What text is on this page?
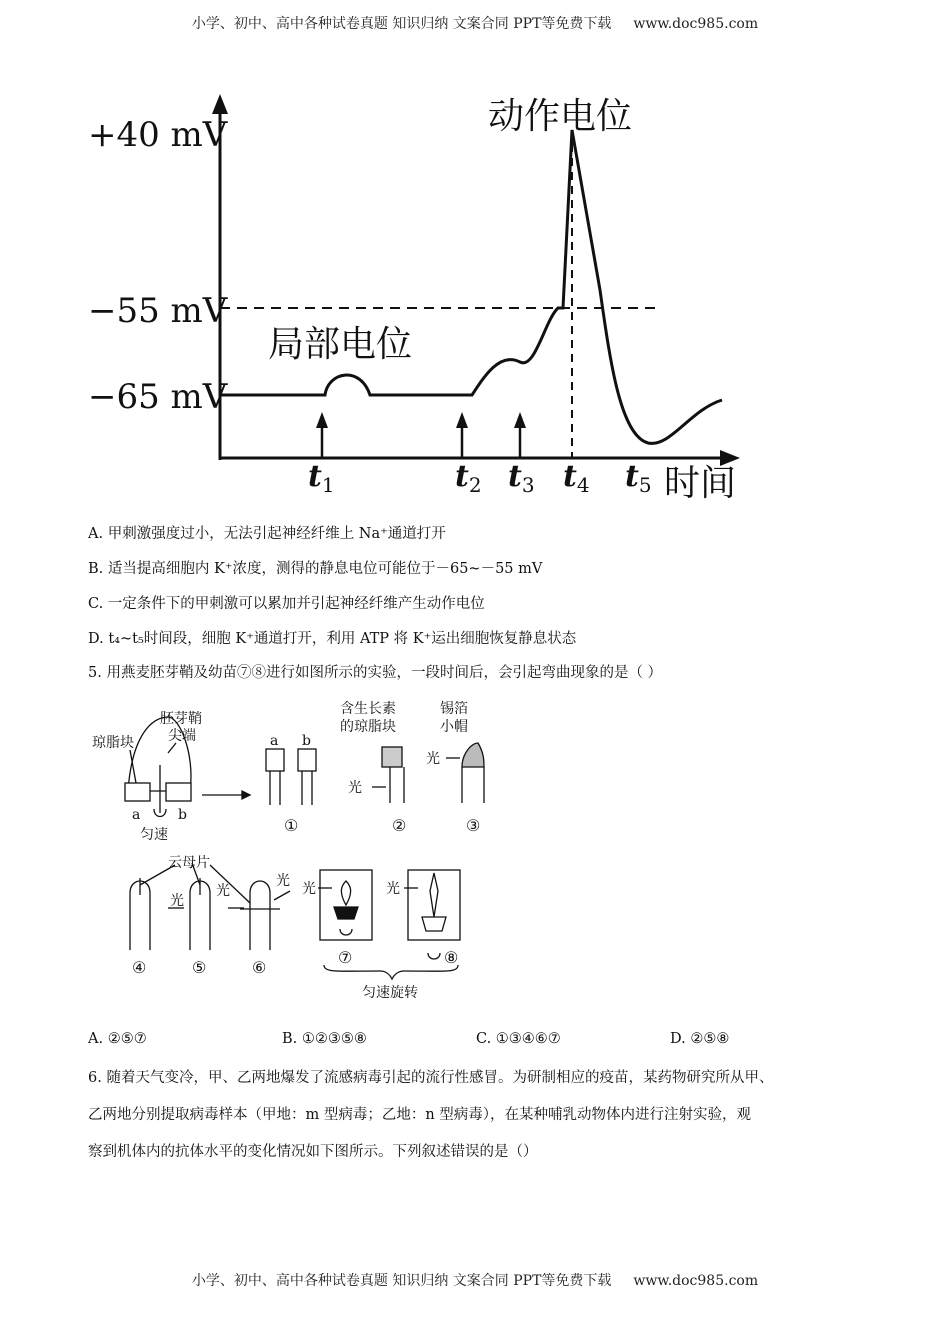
小学、初中、高中各种试卷真题 知识归纳 文案合同 PPT等免费下载 www.doc985.com
+40 mV
−55 mV
−65 mV
动作电位
局部电位
时间
$t_1$	$t_2$ $t_3$ $t_4$ $t_5$
A. 甲刺激强度过小，无法引起神经纤维上 Na⁺通道打开
B. 适当提高细胞内 K⁺浓度，测得的静息电位可能位于－65~－55 mV
C. 一定条件下的甲刺激可以累加并引起神经纤维产生动作电位
D. t₄~t₅时间段，细胞 K⁺通道打开，利用 ATP 将 K⁺运出细胞恢复静息状态
5. 用燕麦胚芽鞘及幼苗⑦⑧进行如图所示的实验，一段时间后，会引起弯曲现象的是（ ）
琼脂块
胚芽鞘
尖端
a	b
匀速
a b
含生长素
的琼脂块
锡箔
小帽
光
光
①	②	③
云母片
光
光
光 光	光
④	⑤	⑥
⑦	⑧
匀速旋转
A. ②⑤⑦	B. ①②③⑤⑧	C. ①③④⑥⑦	D. ②⑤⑧
6. 随着天气变冷，甲、乙两地爆发了流感病毒引起的流行性感冒。为研制相应的疫苗，某药物研究所从甲、
乙两地分别提取病毒样本（甲地：m 型病毒；乙地：n 型病毒），在某种哺乳动物体内进行注射实验，观
察到机体内的抗体水平的变化情况如下图所示。下列叙述错误的是（）
小学、初中、高中各种试卷真题 知识归纳 文案合同 PPT等免费下载 www.doc985.com
